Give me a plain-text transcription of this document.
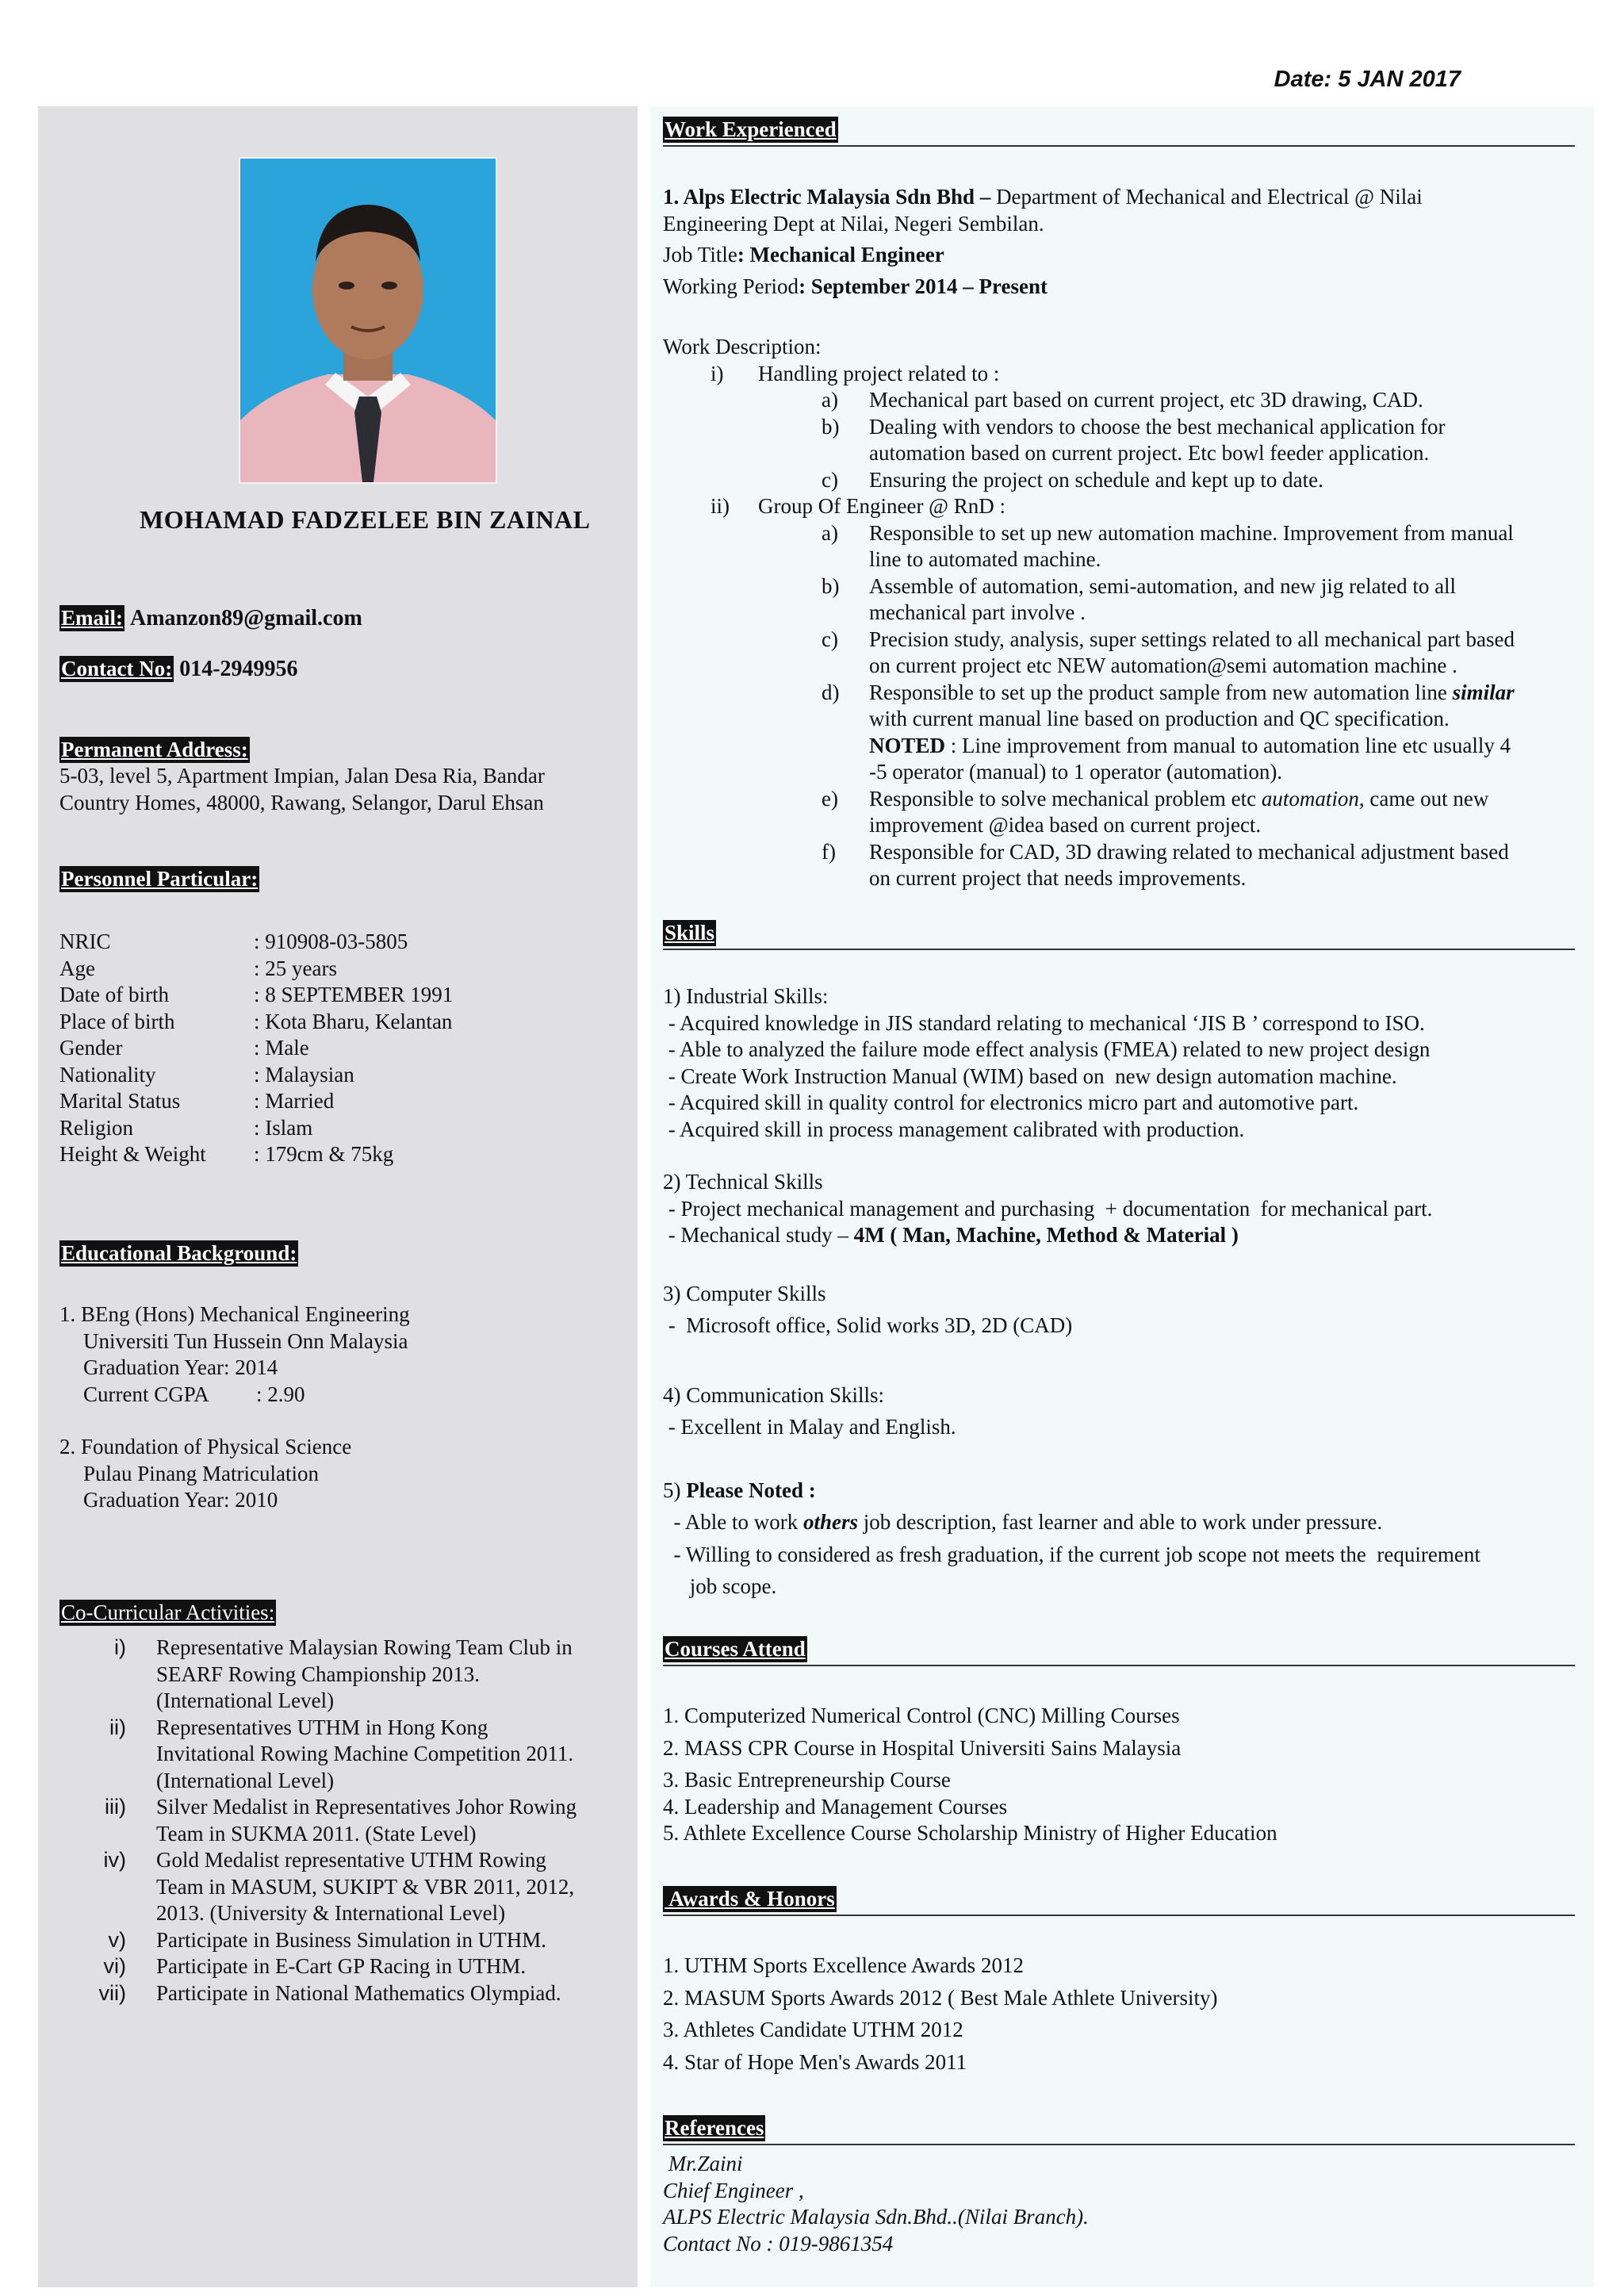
Date: 5 JAN 2017
MOHAMAD FADZELEE BIN ZAINAL
Email: Amanzon89@gmail.com
Contact No: 014-2949956
Permanent Address:
5-03, level 5, Apartment Impian, Jalan Desa Ria, Bandar
Country Homes, 48000, Rawang, Selangor, Darul Ehsan
Personnel Particular:
NRIC	: 910908-03-5805
Age	: 25 years
Date of birth	: 8 SEPTEMBER 1991
Place of birth	: Kota Bharu, Kelantan
Gender	: Male
Nationality	: Malaysian
Marital Status	: Married
Religion	: Islam
Height & Weight	: 179cm & 75kg
Educational Background:
1. BEng (Hons) Mechanical Engineering
Universiti Tun Hussein Onn Malaysia
Graduation Year: 2014
Current CGPA	: 2.90
2. Foundation of Physical Science
Pulau Pinang Matriculation
Graduation Year: 2010
Co-Curricular Activities:
i)	Representative Malaysian Rowing Team Club in
SEARF Rowing Championship 2013.
(International Level)
ii)	Representatives UTHM in Hong Kong
Invitational Rowing Machine Competition 2011.
(International Level)
iii)	Silver Medalist in Representatives Johor Rowing
Team in SUKMA 2011. (State Level)
iv)	Gold Medalist representative UTHM Rowing
Team in MASUM, SUKIPT & VBR 2011, 2012,
2013. (University & International Level)
v)	Participate in Business Simulation in UTHM.
vi)	Participate in E-Cart GP Racing in UTHM.
vii)	Participate in National Mathematics Olympiad.
Work Experienced
1. Alps Electric Malaysia Sdn Bhd – Department of Mechanical and Electrical @ Nilai
Engineering Dept at Nilai, Negeri Sembilan.
Job Title: Mechanical Engineer
Working Period: September 2014 – Present
Work Description:
i)	Handling project related to :
a)	Mechanical part based on current project, etc 3D drawing, CAD.
b)	Dealing with vendors to choose the best mechanical application for
automation based on current project. Etc bowl feeder application.
c)	Ensuring the project on schedule and kept up to date.
ii)	Group Of Engineer @ RnD :
a)	Responsible to set up new automation machine. Improvement from manual
line to automated machine.
b)	Assemble of automation, semi-automation, and new jig related to all
mechanical part involve .
c)	Precision study, analysis, super settings related to all mechanical part based
on current project etc NEW automation@semi automation machine .
d)	Responsible to set up the product sample from new automation line similar
with current manual line based on production and QC specification.
NOTED : Line improvement from manual to automation line etc usually 4
-5 operator (manual) to 1 operator (automation).
e)	Responsible to solve mechanical problem etc automation, came out new
improvement @idea based on current project.
f)	Responsible for CAD, 3D drawing related to mechanical adjustment based
on current project that needs improvements.
Skills
1) Industrial Skills:
- Acquired knowledge in JIS standard relating to mechanical ‘JIS B ’ correspond to ISO.
- Able to analyzed the failure mode effect analysis (FMEA) related to new project design
- Create Work Instruction Manual (WIM) based on  new design automation machine.
- Acquired skill in quality control for electronics micro part and automotive part.
- Acquired skill in process management calibrated with production.
2) Technical Skills
- Project mechanical management and purchasing  + documentation  for mechanical part.
- Mechanical study – 4M ( Man, Machine, Method & Material )
3) Computer Skills
-  Microsoft office, Solid works 3D, 2D (CAD)
4) Communication Skills:
- Excellent in Malay and English.
5) Please Noted :
- Able to work others job description, fast learner and able to work under pressure.
- Willing to considered as fresh graduation, if the current job scope not meets the  requirement
job scope.
Courses Attend
1. Computerized Numerical Control (CNC) Milling Courses
2. MASS CPR Course in Hospital Universiti Sains Malaysia
3. Basic Entrepreneurship Course
4. Leadership and Management Courses
5. Athlete Excellence Course Scholarship Ministry of Higher Education
Awards & Honors
1. UTHM Sports Excellence Awards 2012
2. MASUM Sports Awards 2012 ( Best Male Athlete University)
3. Athletes Candidate UTHM 2012
4. Star of Hope Men's Awards 2011
References
Mr.Zaini
Chief Engineer ,
ALPS Electric Malaysia Sdn.Bhd..(Nilai Branch).
Contact No : 019-9861354
